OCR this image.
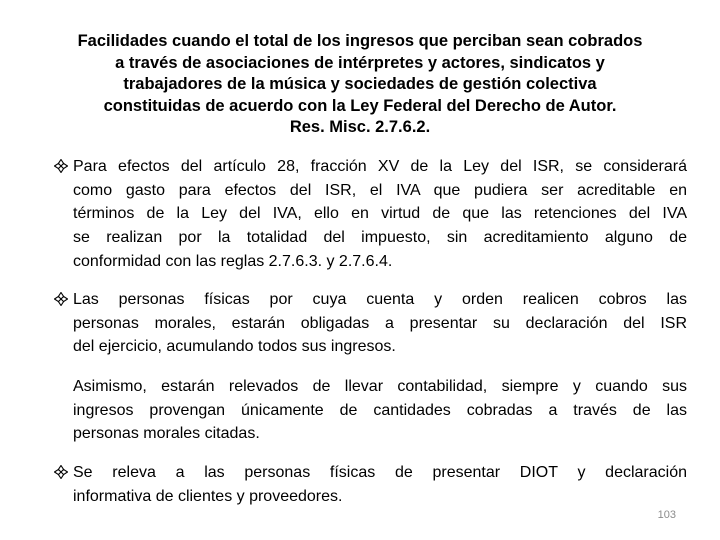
Facilidades cuando el total de los ingresos que perciban sean cobrados
a través de asociaciones de intérpretes y actores, sindicatos y
trabajadores de la música y sociedades de gestión colectiva
constituidas de acuerdo con la Ley Federal del Derecho de Autor.
Res. Misc. 2.7.6.2.
Para efectos del artículo 28, fracción XV de la Ley del ISR, se considerará
como gasto para efectos del ISR, el IVA que pudiera ser acreditable en
términos de la Ley del IVA, ello en virtud de que las retenciones del IVA
se realizan por la totalidad del impuesto, sin acreditamiento alguno de
conformidad con las reglas 2.7.6.3. y 2.7.6.4.
Las personas físicas por cuya cuenta y orden realicen cobros las
personas morales, estarán obligadas a presentar su declaración del ISR
del ejercicio, acumulando todos sus ingresos.
Asimismo, estarán relevados de llevar contabilidad, siempre y cuando sus
ingresos provengan únicamente de cantidades cobradas a través de las
personas morales citadas.
Se releva a las personas físicas de presentar DIOT y declaración
informativa de clientes y proveedores.
103
